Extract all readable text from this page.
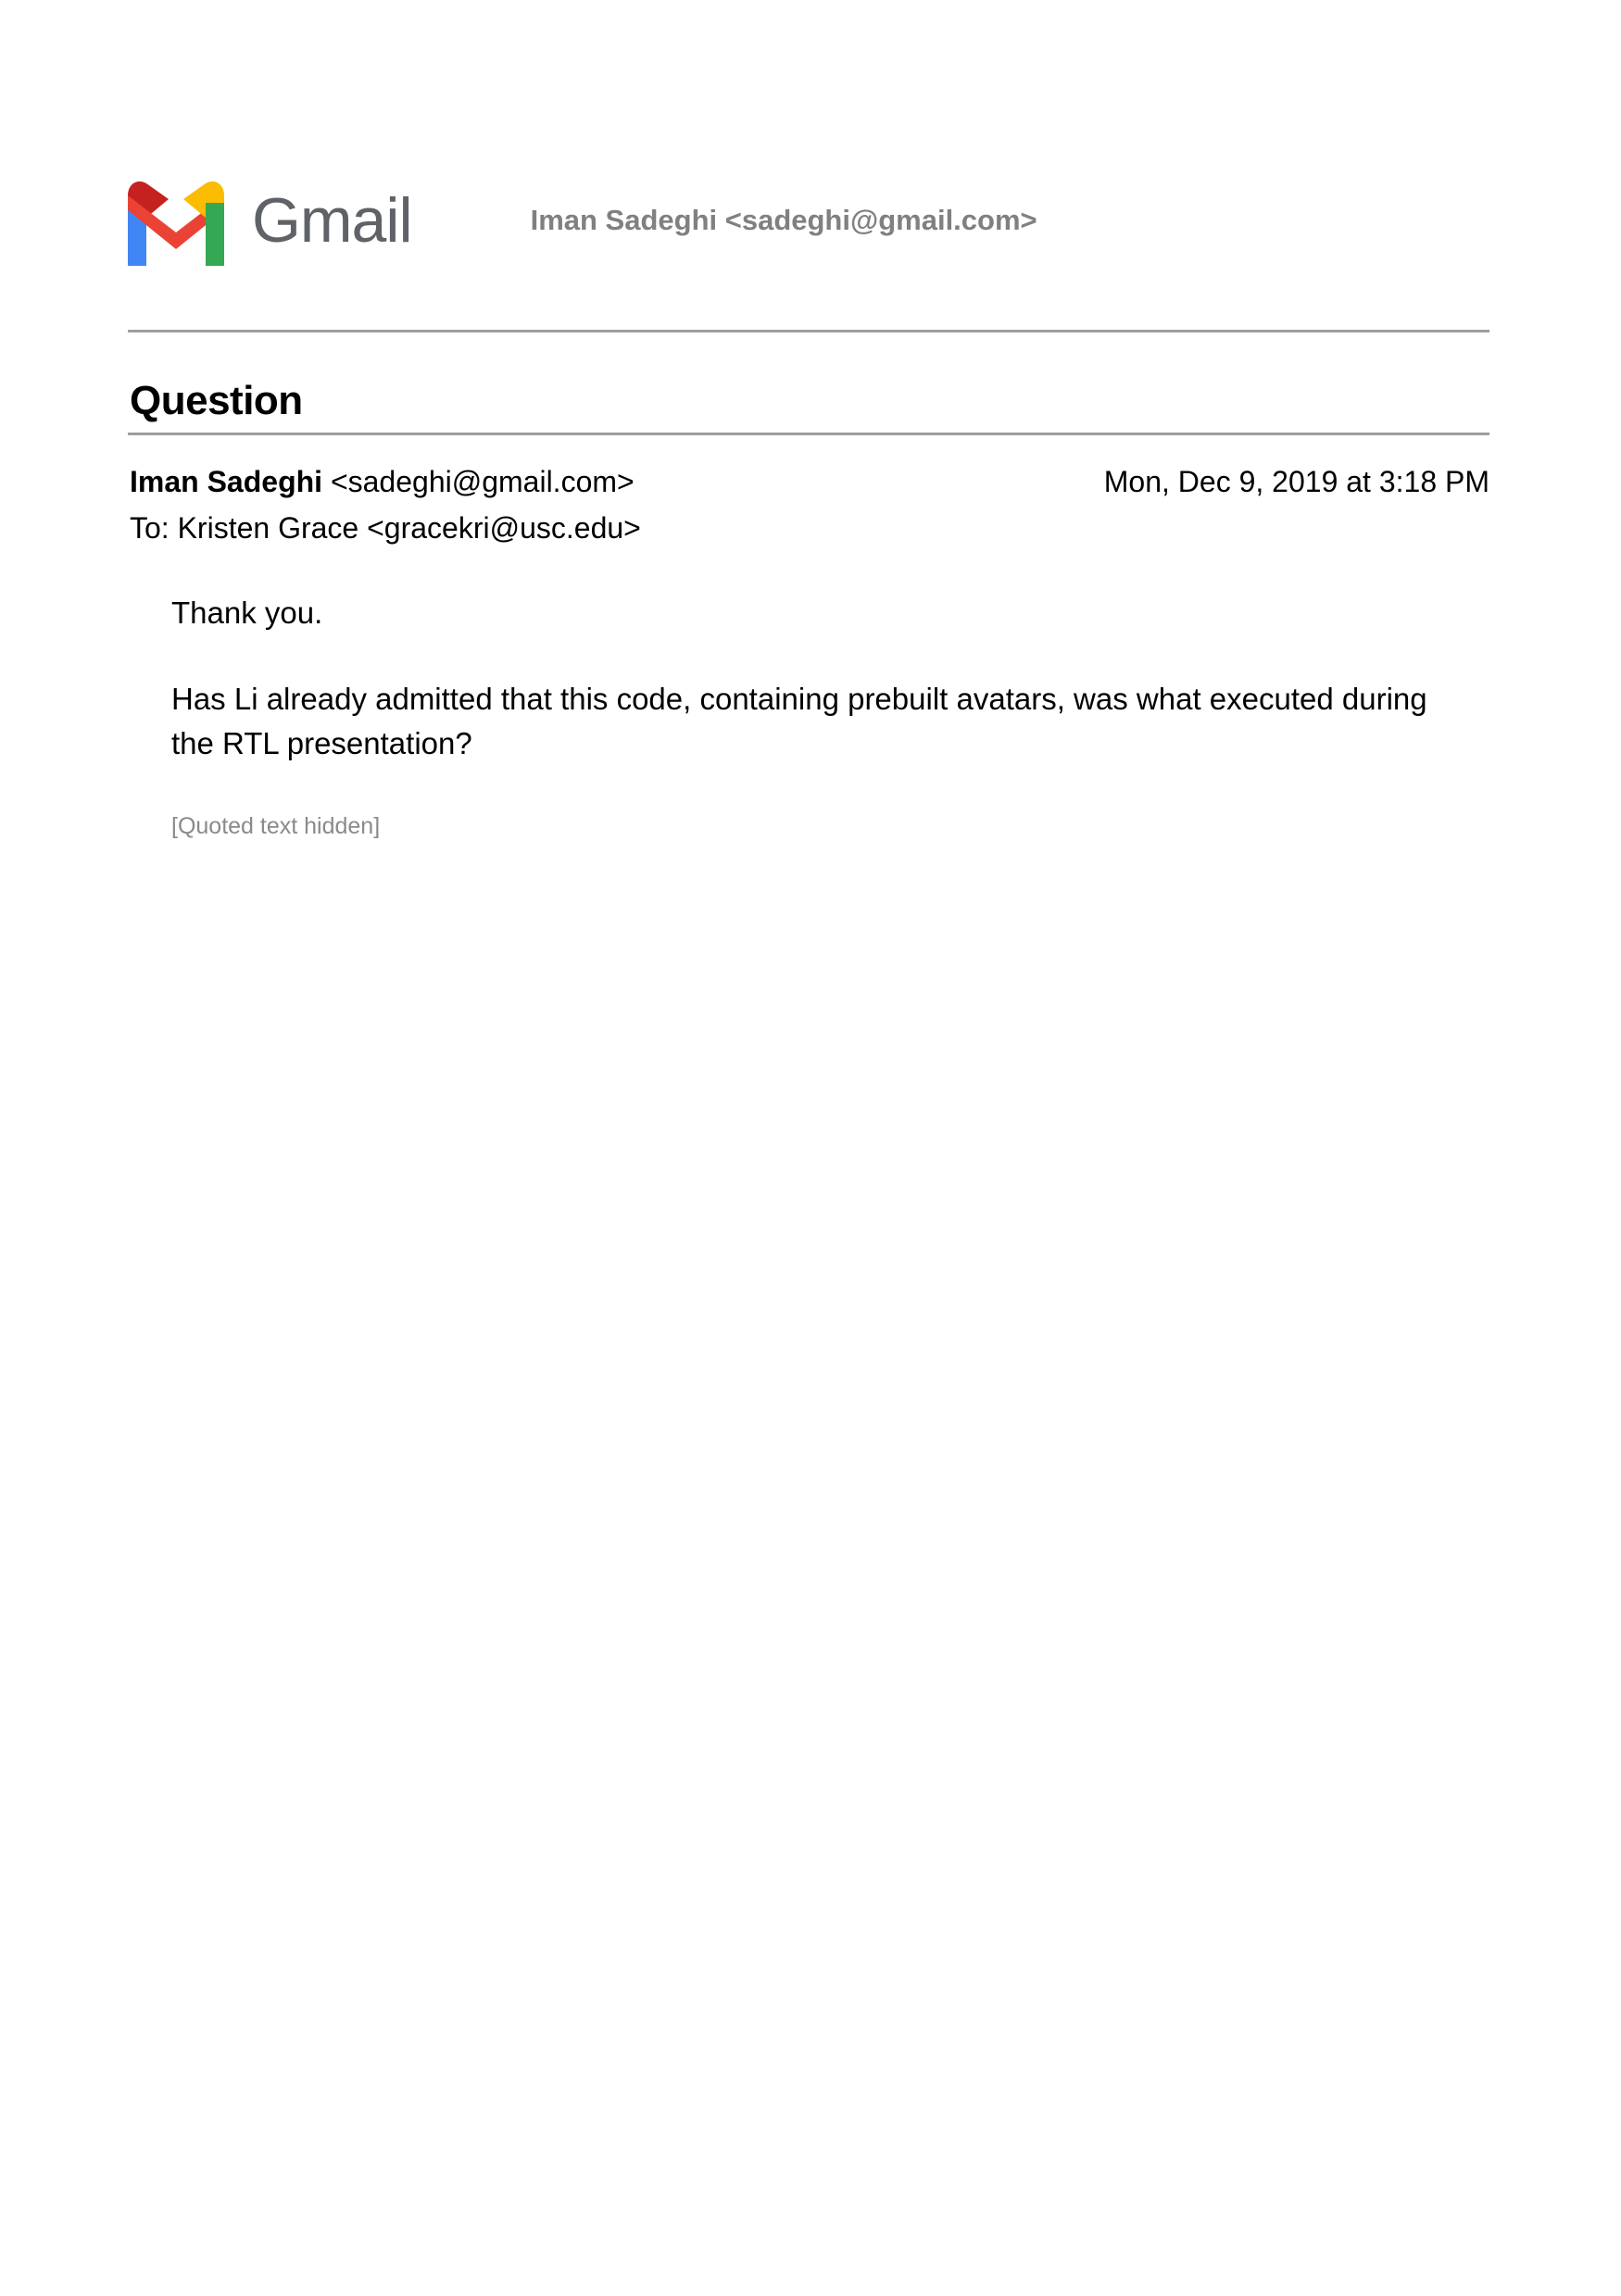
Gmail	Iman Sadeghi <sadeghi@gmail.com>
Question
Iman Sadeghi <sadeghi@gmail.com>	Mon, Dec 9, 2019 at 3:18 PM
To: Kristen Grace <gracekri@usc.edu>

Thank you.

Has Li already admitted that this code, containing prebuilt avatars, was what executed during the RTL presentation?

[Quoted text hidden]
